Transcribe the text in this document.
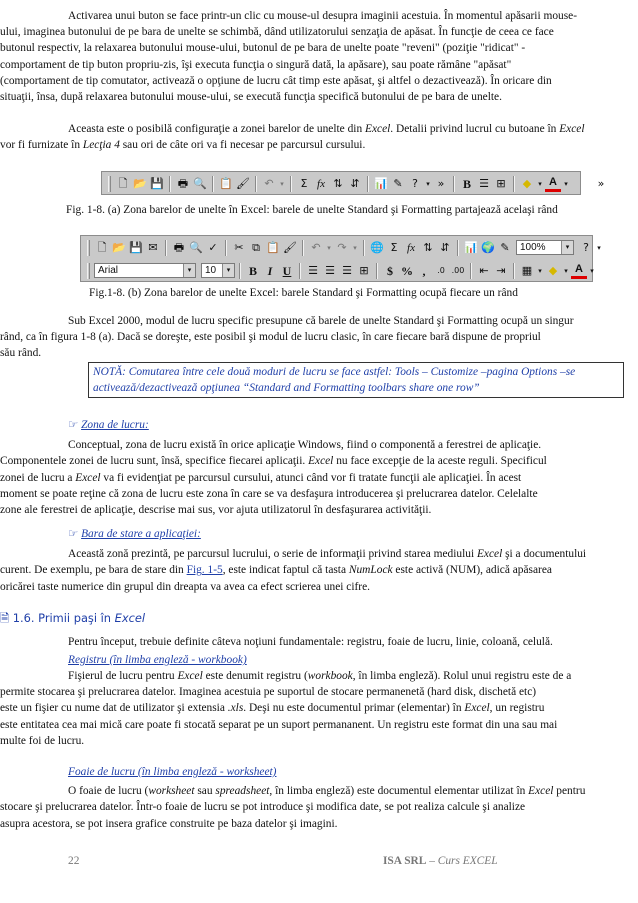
Activarea unui buton se face printr-un clic cu mouse-ul desupra imaginii acestuia. În momentul apăsarii mouse-

ului, imaginea butonului de pe bara de unelte se schimbă, dând utilizatorului senzaţia de apăsat. În funcţie de ceea ce face

butonul respectiv, la relaxarea butonului mouse-ului, butonul de pe bara de unelte poate "reveni" (poziţie "ridicat" -

comportament de tip buton propriu-zis, îşi executa funcţia o singură dată, la apăsare), sau poate rămâne "apăsat"

(comportament de tip comutator, activează o opţiune de lucru cât timp este apăsat, şi altfel o dezactivează). În oricare din

situaţii, însa, după relaxarea butonului mouse-ului, se execută funcţia specifică butonului de pe bara de unelte.

Aceasta este o posibilă configuraţie a zonei barelor de unelte din Excel. Detalii privind lucrul cu butoane în Excel

vor fi furnizate în Lecţia 4 sau ori de câte ori va fi necesar pe parcursul cursului.

🗋 📂 💾 🖶 🔍 📋 🖌	↶ ▾	Σ fx ⇅ ⇵	📊 ✎ ?	▾ »	B ☰ ⊞	◆	▾ A	▾	»
Fig. 1-8. (a) Zona barelor de unelte în Excel: barele de unelte Standard şi Formatting partajează acelaşi rând
🗋 📂 💾 ✉	🖶 🔍 ✓	✂ ⧉ 📋 🖌	↶ ▾ ↷ ▾ 🌐 Σ fx ⇅ ⇵	📊 🌍 ✎	100%	▾	?	▾
Arial	▾	10	▾	B I U	☰ ☰ ☰ ⊞	$ % ,	.0 .00	⇤ ⇥	▦ ▾ ◆	▾ A	▾
Fig.1-8. (b) Zona barelor de unelte Excel: barele Standard şi Formatting ocupă fiecare un rând

Sub Excel 2000, modul de lucru specific presupune că barele de unelte Standard şi Formatting ocupă un singur

rând, ca în figura 1-8 (a). Dacă se doreşte, este posibil şi modul de lucru clasic, în care fiecare bară dispune de propriul

său rând.

NOTĂ: Comutarea între cele două moduri de lucru se face astfel: Tools – Customize –pagina Options –se
activează/dezactivează opţiunea “Standard and Formatting toolbars share one row”

☞ Zona de lucru:

Conceptual, zona de lucru există în orice aplicaţie Windows, fiind o componentă a ferestrei de aplicaţie.

Componentele zonei de lucru sunt, însă, specifice fiecarei aplicaţii. Excel nu face excepţie de la aceste reguli. Specificul

zonei de lucru a Excel va fi evidenţiat pe parcursul cursului, atunci când vor fi tratate funcţii ale aplicaţiei. În acest

moment se poate reţine că zona de lucru este zona în care se va desfaşura introducerea şi prelucrarea datelor. Celelalte

zone ale ferestrei de aplicaţie, descrise mai sus, vor ajuta utilizatorul în desfaşurarea activităţii.

☞ Bara de stare a aplicaţiei:

Această zonă prezintă, pe parcursul lucrului, o serie de informaţii privind starea mediului Excel şi a documentului

curent. De exemplu, pe bara de stare din Fig. 1-5, este indicat faptul că tasta NumLock este activă (NUM), adică apăsarea

oricărei taste numerice din grupul din dreapta va avea ca efect scrierea unei cifre.

🗎 1.6. Primii paşi în Excel

Pentru început, trebuie definite câteva noţiuni fundamentale: registru, foaie de lucru, linie, coloană, celulă.

Registru (în limba engleză - workbook)

Fişierul de lucru pentru Excel este denumit registru (workbook, în limba engleză). Rolul unui registru este de a

permite stocarea şi prelucrarea datelor. Imaginea acestuia pe suportul de stocare permanenetă (hard disk, dischetă etc)

este un fişier cu nume dat de utilizator şi extensia .xls. Deşi nu este documentul primar (elementar) în Excel, un registru

este entitatea cea mai mică care poate fi stocată separat pe un suport permananent. Un registru este format din una sau mai

multe foi de lucru.

Foaie de lucru (în limba engleză - worksheet)

O foaie de lucru (worksheet sau spreadsheet, în limba engleză) este documentul elementar utilizat în Excel pentru

stocare şi prelucrarea datelor. Într-o foaie de lucru se pot introduce şi modifica date, se pot realiza calcule şi analize

asupra acestora, se pot insera grafice construite pe baza datelor şi imagini.

22	ISA SRL – Curs EXCEL
